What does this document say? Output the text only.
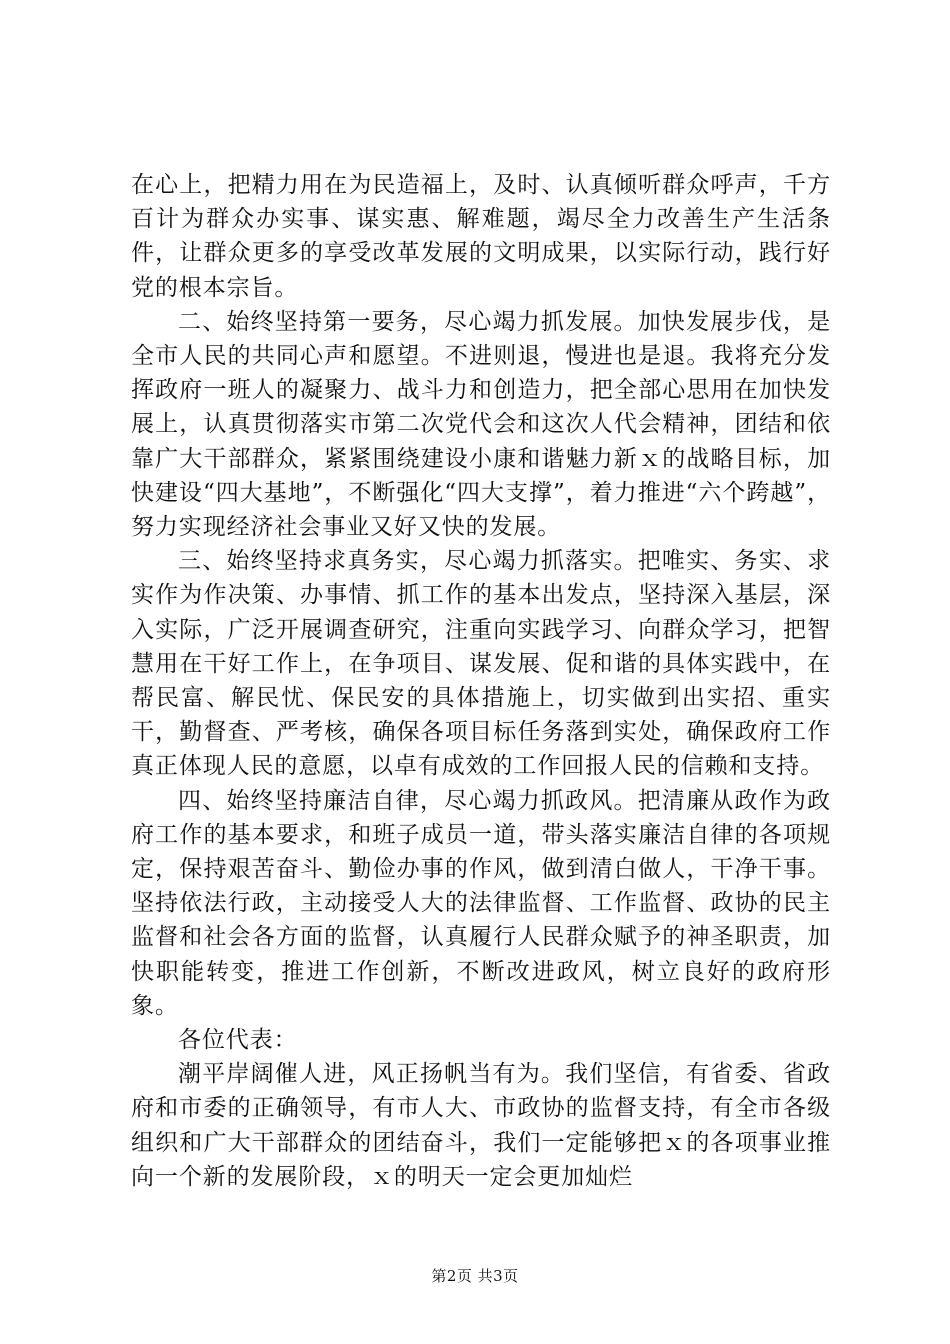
在心上，把精力用在为民造福上，及时、认真倾听群众呼声，千方百计为群众办实事、谋实惠、解难题，竭尽全力改善生产生活条件，让群众更多的享受改革发展的文明成果，以实际行动，践行好党的根本宗旨。

二、始终坚持第一要务，尽心竭力抓发展。加快发展步伐，是全市人民的共同心声和愿望。不进则退，慢进也是退。我将充分发挥政府一班人的凝聚力、战斗力和创造力，把全部心思用在加快发展上，认真贯彻落实市第二次党代会和这次人代会精神，团结和依靠广大干部群众，紧紧围绕建设小康和谐魅力新ｘ的战略目标，加快建设“四大基地”，不断强化“四大支撑”，着力推进“六个跨越”，努力实现经济社会事业又好又快的发展。

三、始终坚持求真务实，尽心竭力抓落实。把唯实、务实、求实作为作决策、办事情、抓工作的基本出发点，坚持深入基层，深入实际，广泛开展调查研究，注重向实践学习、向群众学习，把智慧用在干好工作上，在争项目、谋发展、促和谐的具体实践中，在帮民富、解民忧、保民安的具体措施上，切实做到出实招、重实干，勤督查、严考核，确保各项目标任务落到实处，确保政府工作真正体现人民的意愿，以卓有成效的工作回报人民的信赖和支持。

四、始终坚持廉洁自律，尽心竭力抓政风。把清廉从政作为政府工作的基本要求，和班子成员一道，带头落实廉洁自律的各项规定，保持艰苦奋斗、勤俭办事的作风，做到清白做人，干净干事。坚持依法行政，主动接受人大的法律监督、工作监督、政协的民主监督和社会各方面的监督，认真履行人民群众赋予的神圣职责，加快职能转变，推进工作创新，不断改进政风，树立良好的政府形象。

各位代表：

潮平岸阔催人进，风正扬帆当有为。我们坚信，有省委、省政府和市委的正确领导，有市人大、市政协的监督支持，有全市各级组织和广大干部群众的团结奋斗，我们一定能够把ｘ的各项事业推向一个新的发展阶段，ｘ的明天一定会更加灿烂

第2页 共3页
